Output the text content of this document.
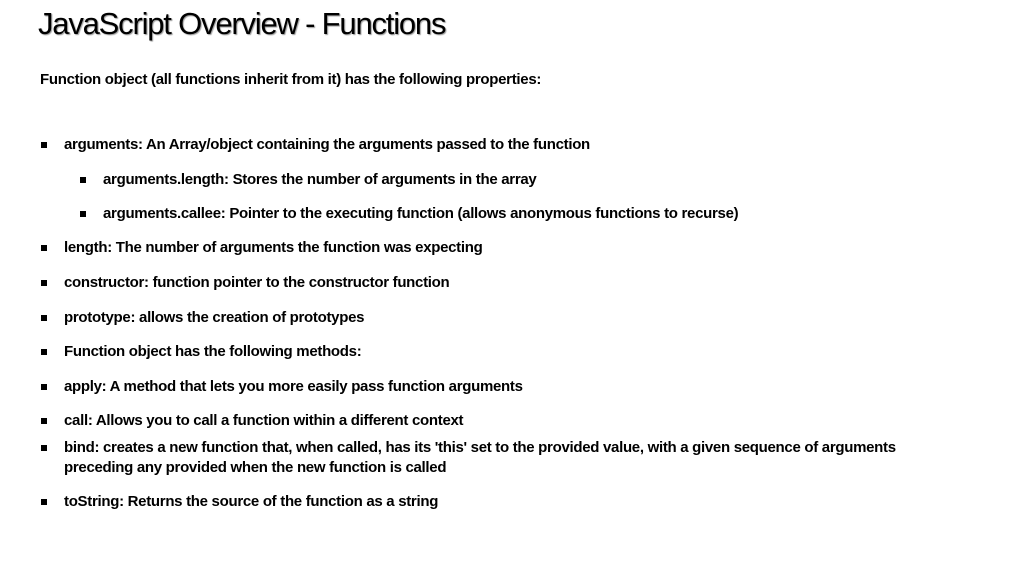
JavaScript Overview - Functions
Function object (all functions inherit from it) has the following properties:
arguments: An Array/object containing the arguments passed to the function
arguments.length: Stores the number of arguments in the array
arguments.callee: Pointer to the executing function (allows anonymous functions to recurse)
length: The number of arguments the function was expecting
constructor: function pointer to the constructor function
prototype: allows the creation of prototypes
Function object has the following methods:
apply: A method that lets you more easily pass function arguments
call: Allows you to call a function within a different context
bind: creates a new function that, when called, has its 'this' set to the provided value, with a given sequence of arguments preceding any provided when the new function is called
toString: Returns the source of the function as a string
